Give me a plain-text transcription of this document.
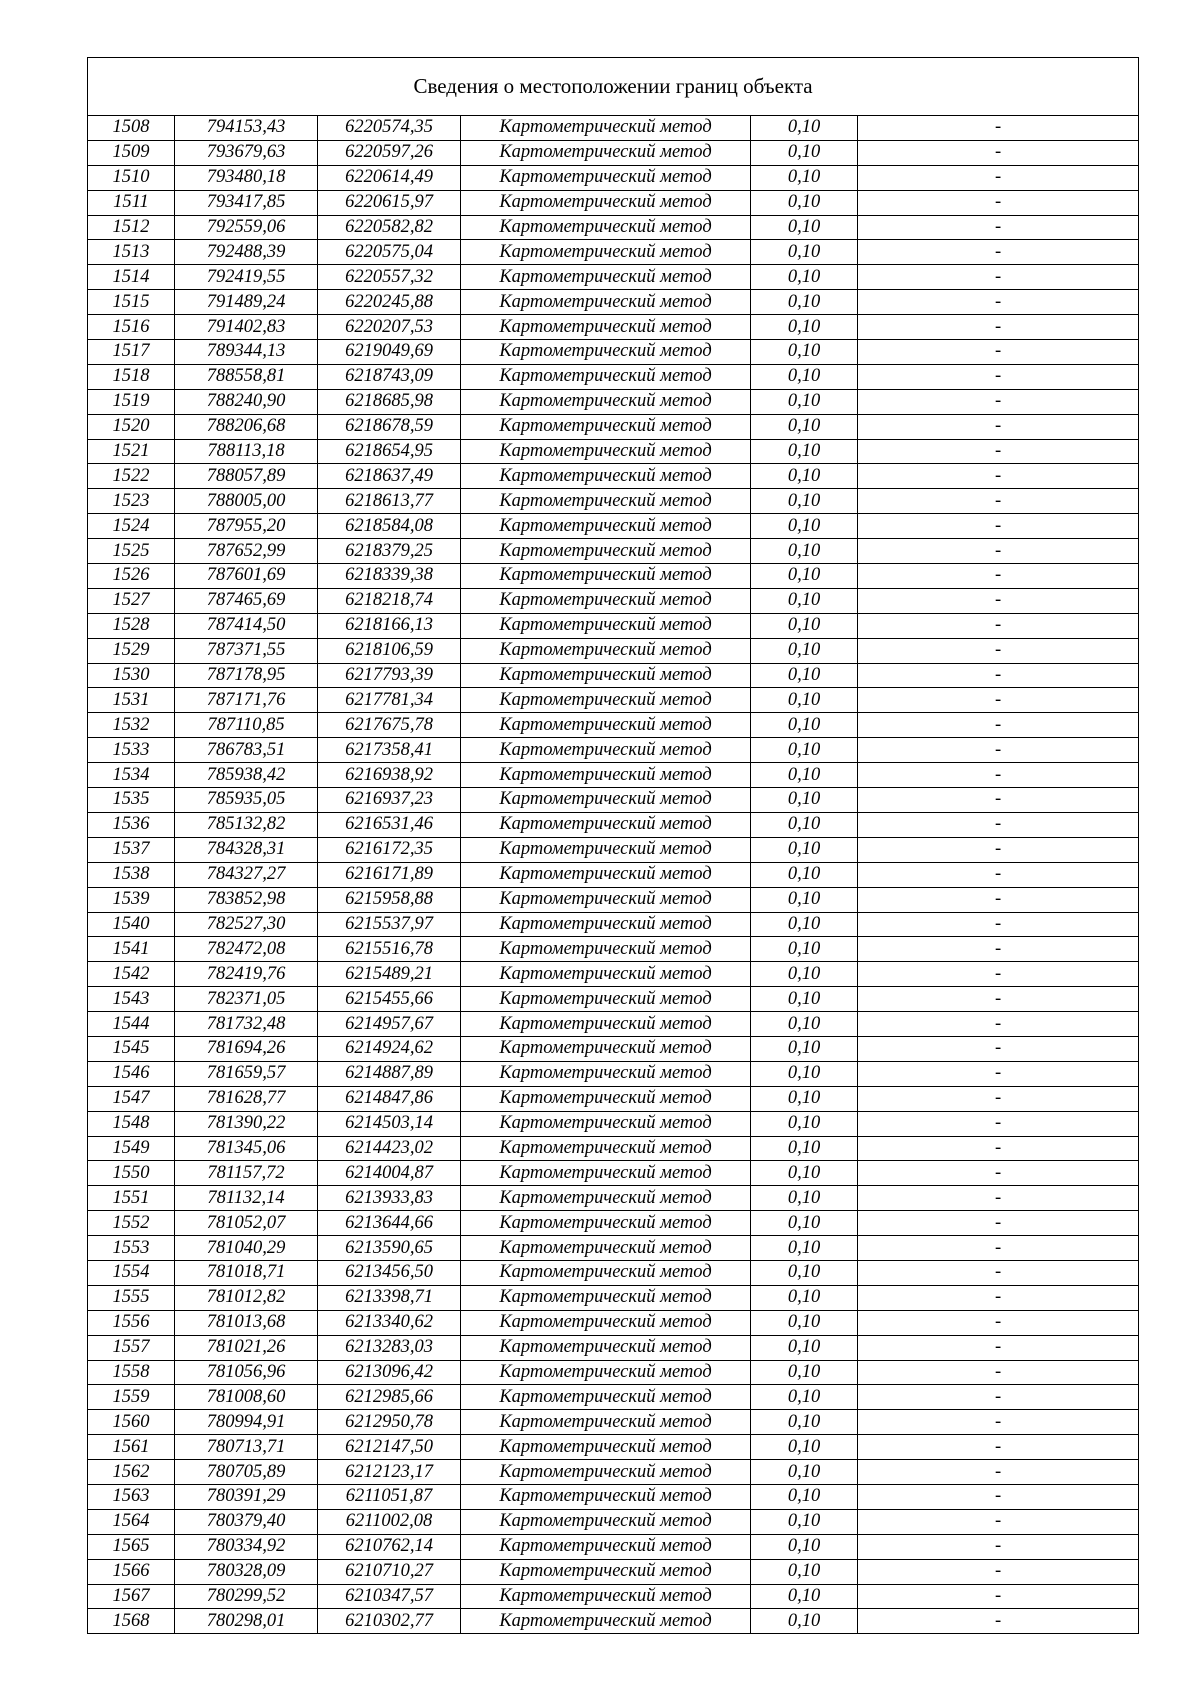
Сведения о местоположении границ объекта					
1508	794153,43	6220574,35	Картометрический метод	0,10	-
1509	793679,63	6220597,26	Картометрический метод	0,10	-
1510	793480,18	6220614,49	Картометрический метод	0,10	-
1511	793417,85	6220615,97	Картометрический метод	0,10	-
1512	792559,06	6220582,82	Картометрический метод	0,10	-
1513	792488,39	6220575,04	Картометрический метод	0,10	-
1514	792419,55	6220557,32	Картометрический метод	0,10	-
1515	791489,24	6220245,88	Картометрический метод	0,10	-
1516	791402,83	6220207,53	Картометрический метод	0,10	-
1517	789344,13	6219049,69	Картометрический метод	0,10	-
1518	788558,81	6218743,09	Картометрический метод	0,10	-
1519	788240,90	6218685,98	Картометрический метод	0,10	-
1520	788206,68	6218678,59	Картометрический метод	0,10	-
1521	788113,18	6218654,95	Картометрический метод	0,10	-
1522	788057,89	6218637,49	Картометрический метод	0,10	-
1523	788005,00	6218613,77	Картометрический метод	0,10	-
1524	787955,20	6218584,08	Картометрический метод	0,10	-
1525	787652,99	6218379,25	Картометрический метод	0,10	-
1526	787601,69	6218339,38	Картометрический метод	0,10	-
1527	787465,69	6218218,74	Картометрический метод	0,10	-
1528	787414,50	6218166,13	Картометрический метод	0,10	-
1529	787371,55	6218106,59	Картометрический метод	0,10	-
1530	787178,95	6217793,39	Картометрический метод	0,10	-
1531	787171,76	6217781,34	Картометрический метод	0,10	-
1532	787110,85	6217675,78	Картометрический метод	0,10	-
1533	786783,51	6217358,41	Картометрический метод	0,10	-
1534	785938,42	6216938,92	Картометрический метод	0,10	-
1535	785935,05	6216937,23	Картометрический метод	0,10	-
1536	785132,82	6216531,46	Картометрический метод	0,10	-
1537	784328,31	6216172,35	Картометрический метод	0,10	-
1538	784327,27	6216171,89	Картометрический метод	0,10	-
1539	783852,98	6215958,88	Картометрический метод	0,10	-
1540	782527,30	6215537,97	Картометрический метод	0,10	-
1541	782472,08	6215516,78	Картометрический метод	0,10	-
1542	782419,76	6215489,21	Картометрический метод	0,10	-
1543	782371,05	6215455,66	Картометрический метод	0,10	-
1544	781732,48	6214957,67	Картометрический метод	0,10	-
1545	781694,26	6214924,62	Картометрический метод	0,10	-
1546	781659,57	6214887,89	Картометрический метод	0,10	-
1547	781628,77	6214847,86	Картометрический метод	0,10	-
1548	781390,22	6214503,14	Картометрический метод	0,10	-
1549	781345,06	6214423,02	Картометрический метод	0,10	-
1550	781157,72	6214004,87	Картометрический метод	0,10	-
1551	781132,14	6213933,83	Картометрический метод	0,10	-
1552	781052,07	6213644,66	Картометрический метод	0,10	-
1553	781040,29	6213590,65	Картометрический метод	0,10	-
1554	781018,71	6213456,50	Картометрический метод	0,10	-
1555	781012,82	6213398,71	Картометрический метод	0,10	-
1556	781013,68	6213340,62	Картометрический метод	0,10	-
1557	781021,26	6213283,03	Картометрический метод	0,10	-
1558	781056,96	6213096,42	Картометрический метод	0,10	-
1559	781008,60	6212985,66	Картометрический метод	0,10	-
1560	780994,91	6212950,78	Картометрический метод	0,10	-
1561	780713,71	6212147,50	Картометрический метод	0,10	-
1562	780705,89	6212123,17	Картометрический метод	0,10	-
1563	780391,29	6211051,87	Картометрический метод	0,10	-
1564	780379,40	6211002,08	Картометрический метод	0,10	-
1565	780334,92	6210762,14	Картометрический метод	0,10	-
1566	780328,09	6210710,27	Картометрический метод	0,10	-
1567	780299,52	6210347,57	Картометрический метод	0,10	-
1568	780298,01	6210302,77	Картометрический метод	0,10	-
